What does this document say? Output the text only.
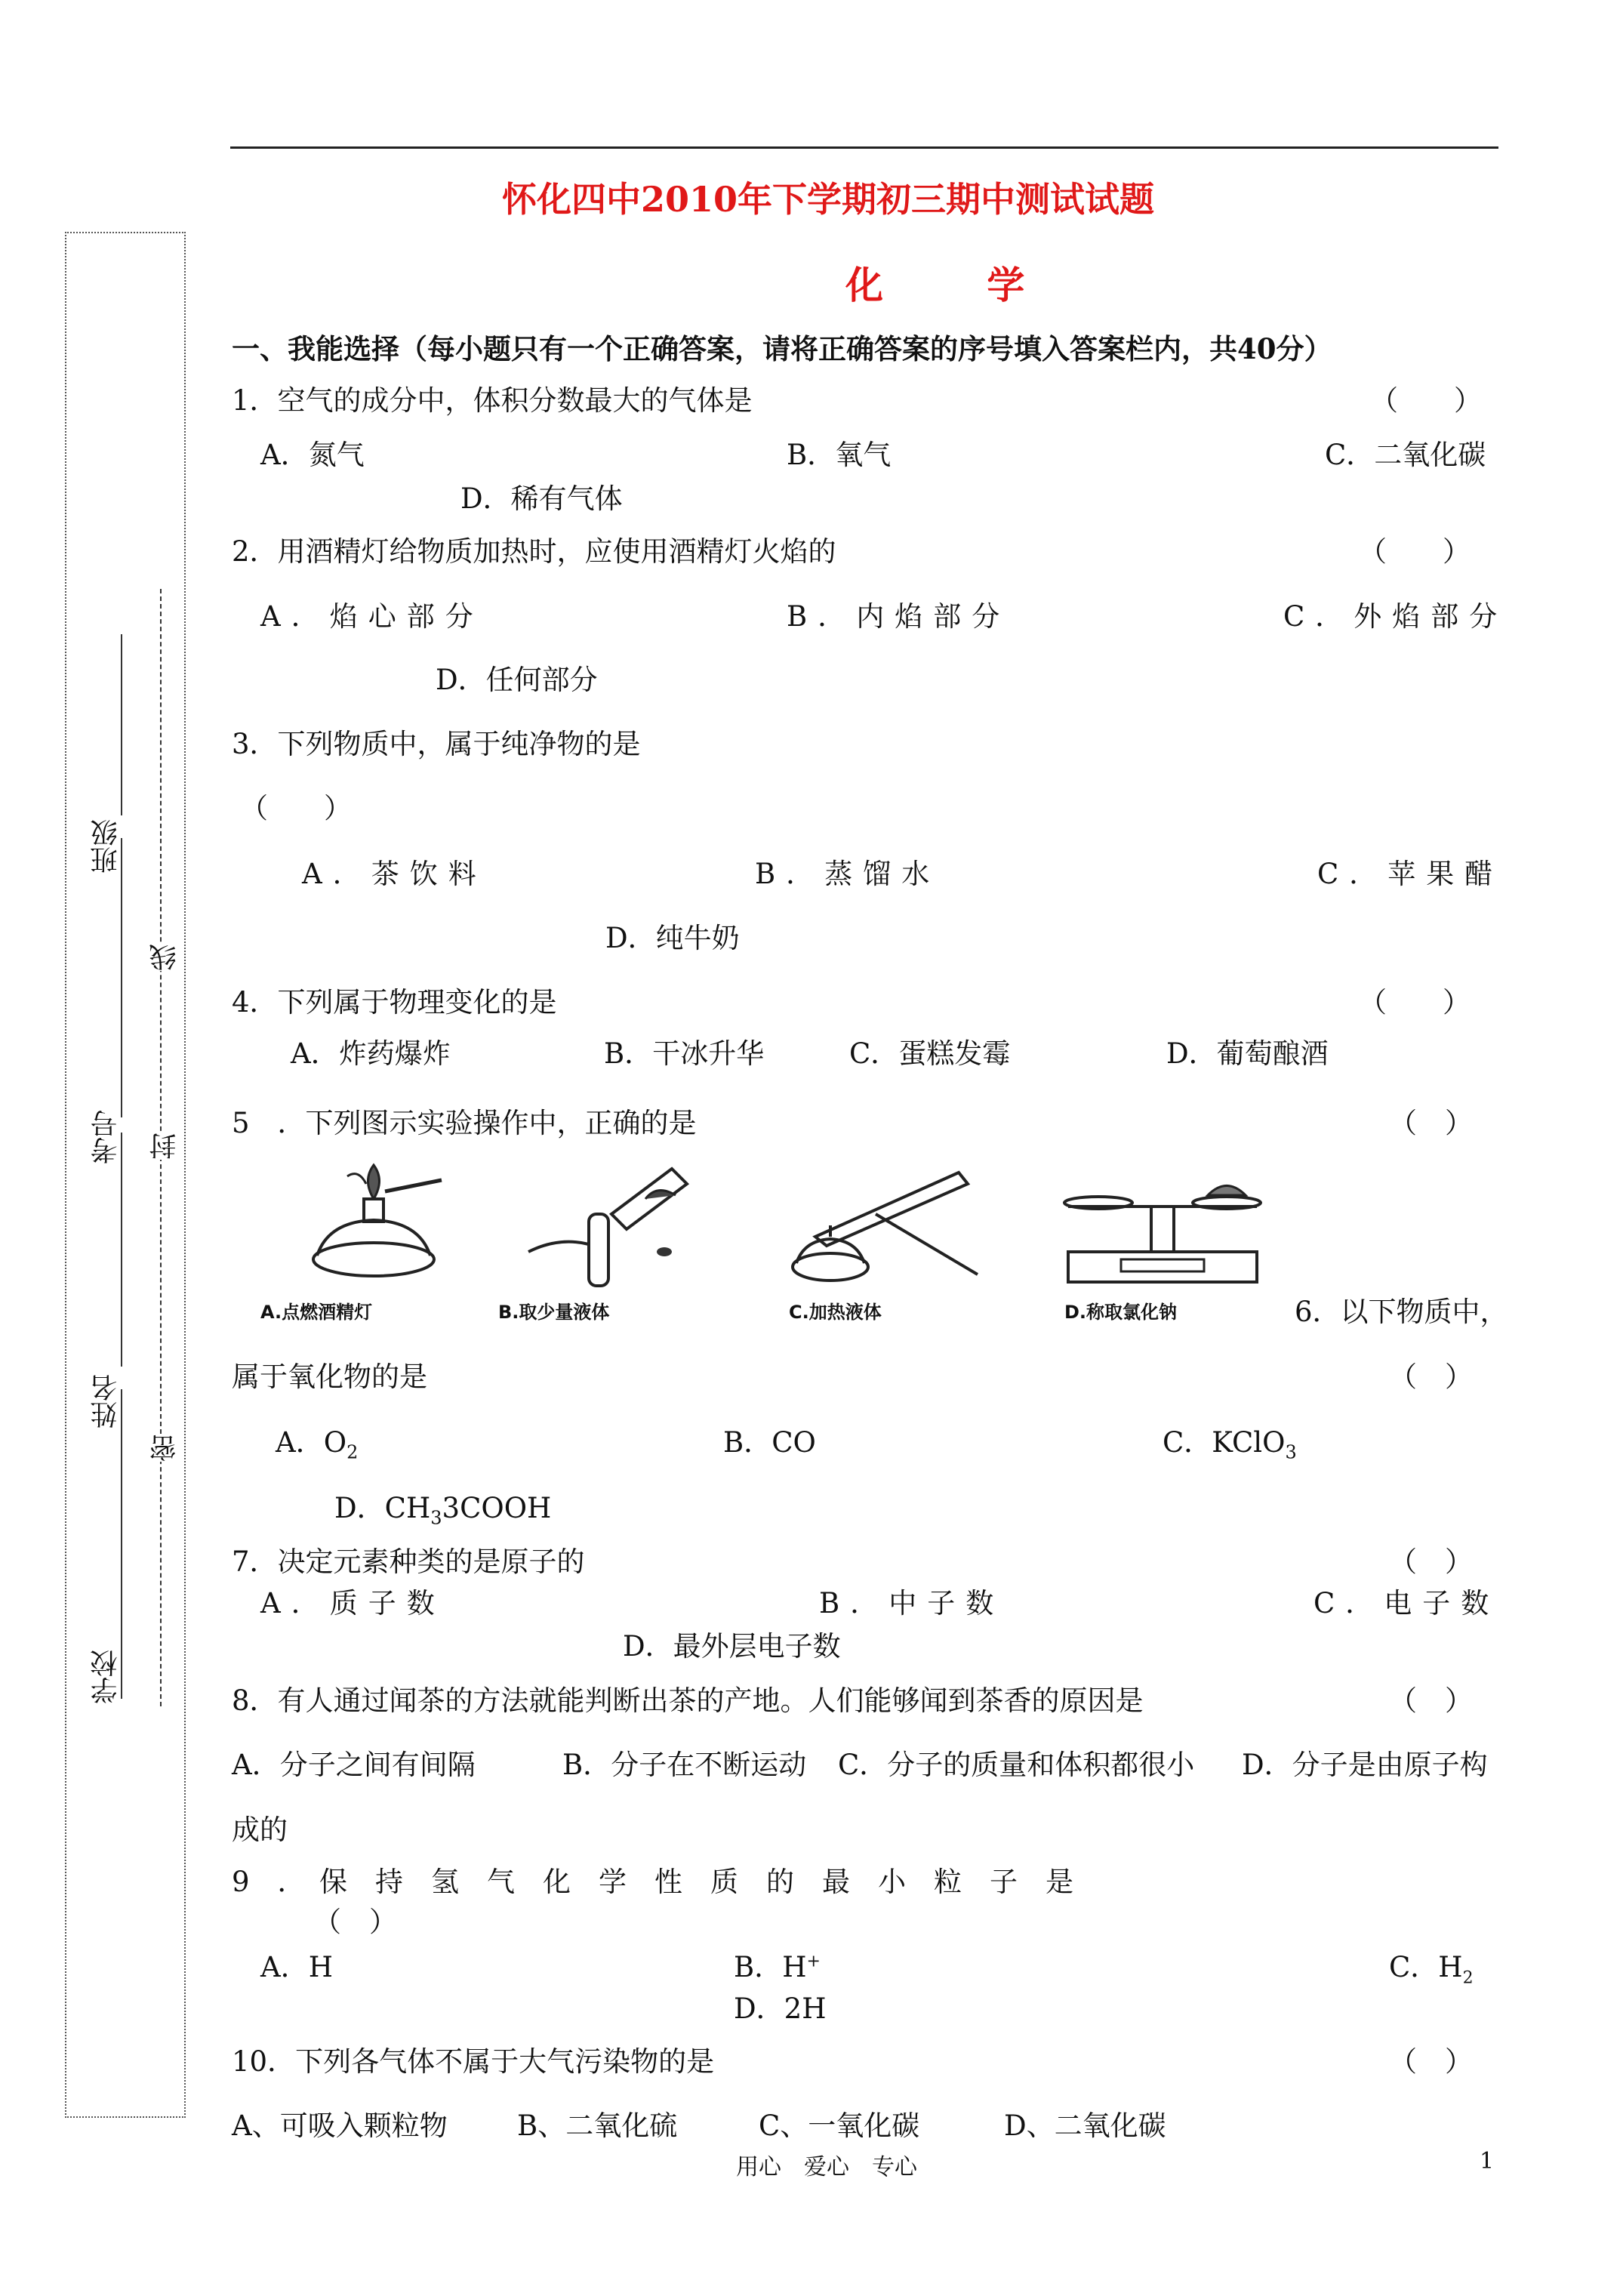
学校
姓名
考号
班级
密
封
线
怀化四中2010年下学期初三期中测试试题
化 学
一、我能选择（每小题只有一个正确答案，请将正确答案的序号填入答案栏内，共40分）
1．空气的成分中，体积分数最大的气体是	（　　）
A．氮气	B．氧气	C．二氧化碳
D．稀有气体
2．用酒精灯给物质加热时，应使用酒精灯火焰的	（　　）
A．焰心部分	B．内焰部分	C．外焰部分
D．任何部分
3．下列物质中，属于纯净物的是
（　　）
A．茶饮料	B．蒸馏水	C．苹果醋
D．纯牛奶
4．下列属于物理变化的是	（　　）
A．炸药爆炸	B．干冰升华	C．蛋糕发霉	D．葡萄酿酒
5　．下列图示实验操作中，正确的是	（　）
A.点燃酒精灯	B.取少量液体	C.加热液体	D.称取氯化钠	6．以下物质中，
属于氧化物的是	（　）
A．$O_2$	B．CO	C．KClO$_3$
D．$CH_33COOH$
7．决定元素种类的是原子的	（　）
A．质子数	B．中子数	C．电子数
D．最外层电子数
8．有人通过闻茶的方法就能判断出茶的产地。人们能够闻到茶香的原因是	（　）
A．分子之间有间隔	B．分子在不断运动 C．分子的质量和体积都很小 D．分子是由原子构
成的
9　．　保　持　氢　气　化　学　性　质　的　最　小　粒　子　是
（　）
A．H	B．H+	C．$H_2$
D．2H
10．下列各气体不属于大气污染物的是	（　）
A、可吸入颗粒物 B、二氧化硫	C、一氧化碳	D、二氧化碳
用心　爱心　专心	1
